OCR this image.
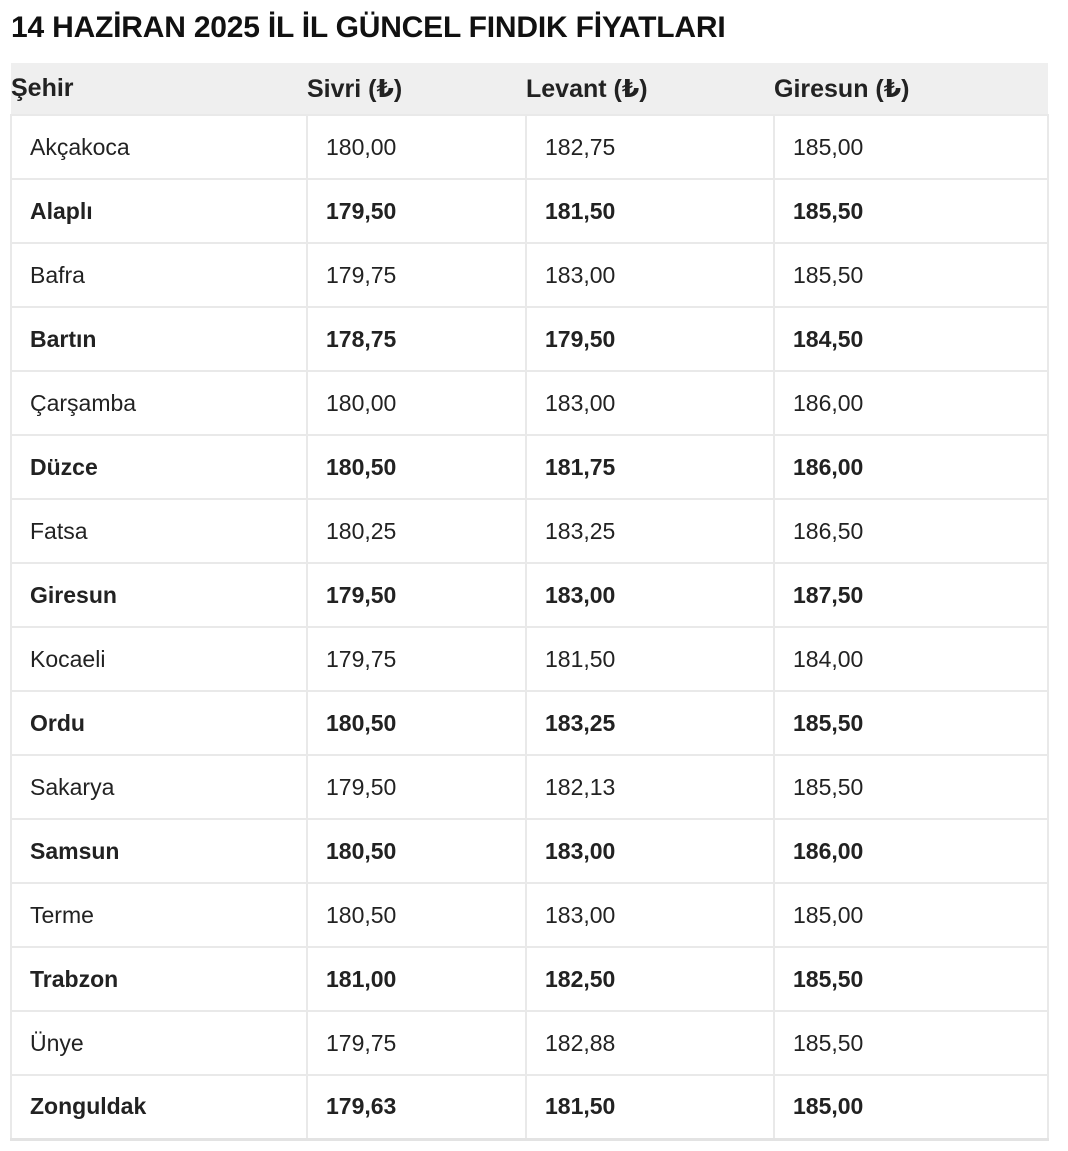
14 HAZİRAN 2025 İL İL GÜNCEL FINDIK FİYATLARI
Şehir	Sivri (₺)	Levant (₺)	Giresun (₺)
Akçakoca	180,00	182,75	185,00
Alaplı	179,50	181,50	185,50
Bafra	179,75	183,00	185,50
Bartın	178,75	179,50	184,50
Çarşamba	180,00	183,00	186,00
Düzce	180,50	181,75	186,00
Fatsa	180,25	183,25	186,50
Giresun	179,50	183,00	187,50
Kocaeli	179,75	181,50	184,00
Ordu	180,50	183,25	185,50
Sakarya	179,50	182,13	185,50
Samsun	180,50	183,00	186,00
Terme	180,50	183,00	185,00
Trabzon	181,00	182,50	185,50
Ünye	179,75	182,88	185,50
Zonguldak	179,63	181,50	185,00
